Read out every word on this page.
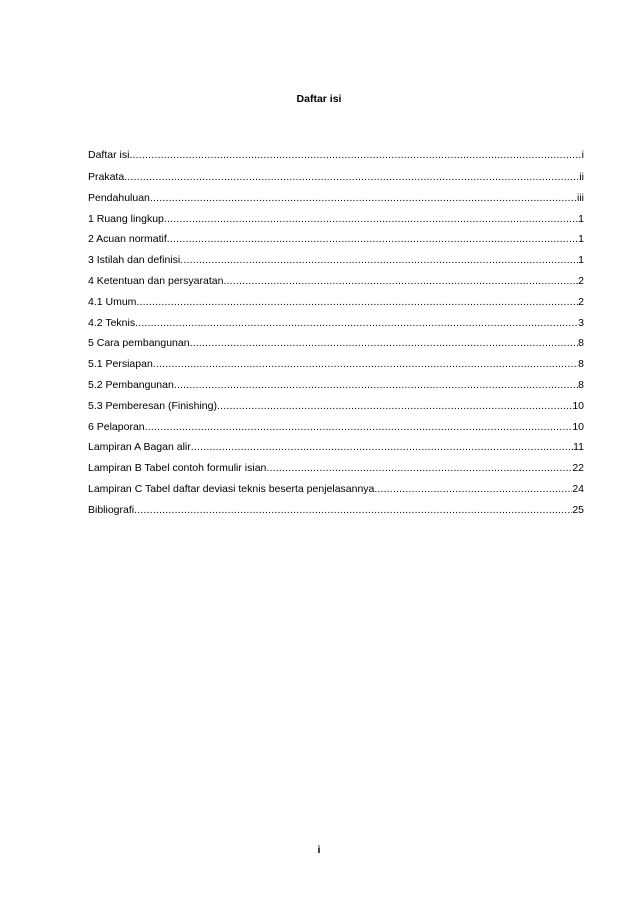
Daftar isi
Daftar isi .....	i
Prakata .....	ii
Pendahuluan .....	iii
1 Ruang lingkup .....	1
2 Acuan normatif .....	1
3 Istilah dan definisi .....	1
4 Ketentuan dan persyaratan .....	2
4.1 Umum .....	2
4.2 Teknis .....	3
5 Cara pembangunan .....	8
5.1 Persiapan .....	8
5.2 Pembangunan .....	8
5.3 Pemberesan (Finishing) .....	10
6 Pelaporan .....	10
Lampiran A Bagan alir .....	11
Lampiran B Tabel contoh formulir isian .....	22
Lampiran C Tabel daftar deviasi teknis beserta penjelasannya. .....	24
Bibliografi .....	25
i
